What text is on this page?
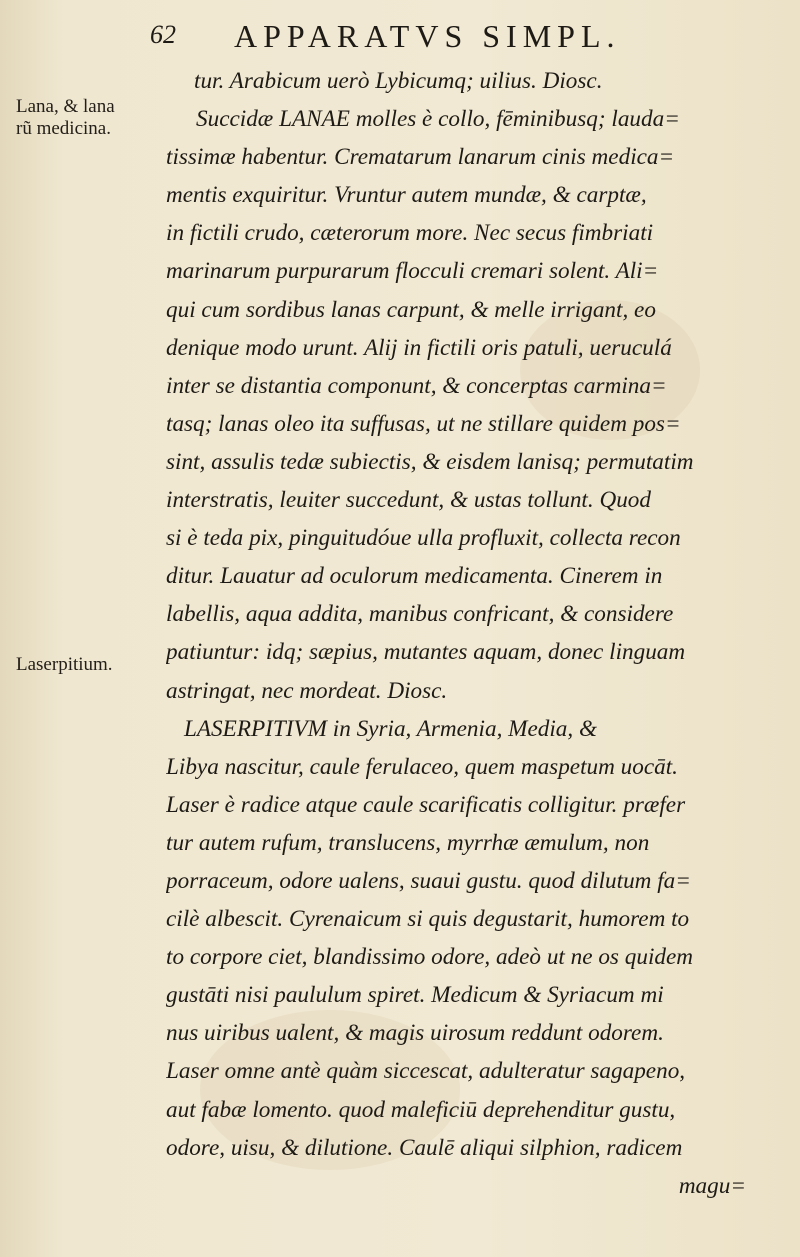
62 APPARATVS SIMPL.
Lana, & lana
rũ medicina.
Laserpitium.
tur. Arabicum uerò Lybicumq; uilius. Diosc.
Succidæ LANAE molles è collo, fēminibusq; lauda=
tissimæ habentur. Crematarum lanarum cinis medica=
mentis exquiritur. Vruntur autem mundæ, & carptæ,
in fictili crudo, cæterorum more. Nec secus fimbriati
marinarum purpurarum flocculi cremari solent. Ali=
qui cum sordibus lanas carpunt, & melle irrigant, eo
denique modo urunt. Alij in fictili oris patuli, ueruculá
inter se distantia componunt, & concerptas carmina=
tasq; lanas oleo ita suffusas, ut ne stillare quidem pos=
sint, assulis tedæ subiectis, & eisdem lanisq; permutatim
interstratis, leuiter succedunt, & ustas tollunt. Quod
si è teda pix, pinguitudóue ulla profluxit, collecta recon
ditur. Lauatur ad oculorum medicamenta. Cinerem in
labellis, aqua addita, manibus confricant, & considere
patiuntur: idq; sæpius, mutantes aquam, donec linguam
astringat, nec mordeat. Diosc.
LASERPITIVM in Syria, Armenia, Media, &
Libya nascitur, caule ferulaceo, quem maspetum uocāt.
Laser è radice atque caule scarificatis colligitur. præfer
tur autem rufum, translucens, myrrhæ æmulum, non
porraceum, odore ualens, suaui gustu. quod dilutum fa=
cilè albescit. Cyrenaicum si quis degustarit, humorem to
to corpore ciet, blandissimo odore, adeò ut ne os quidem
gustāti nisi paululum spiret. Medicum & Syriacum mi
nus uiribus ualent, & magis uirosum reddunt odorem.
Laser omne antè quàm siccescat, adulteratur sagapeno,
aut fabæ lomento. quod maleficiū deprehenditur gustu,
odore, uisu, & dilutione. Caulē aliqui silphion, radicem
magu=
